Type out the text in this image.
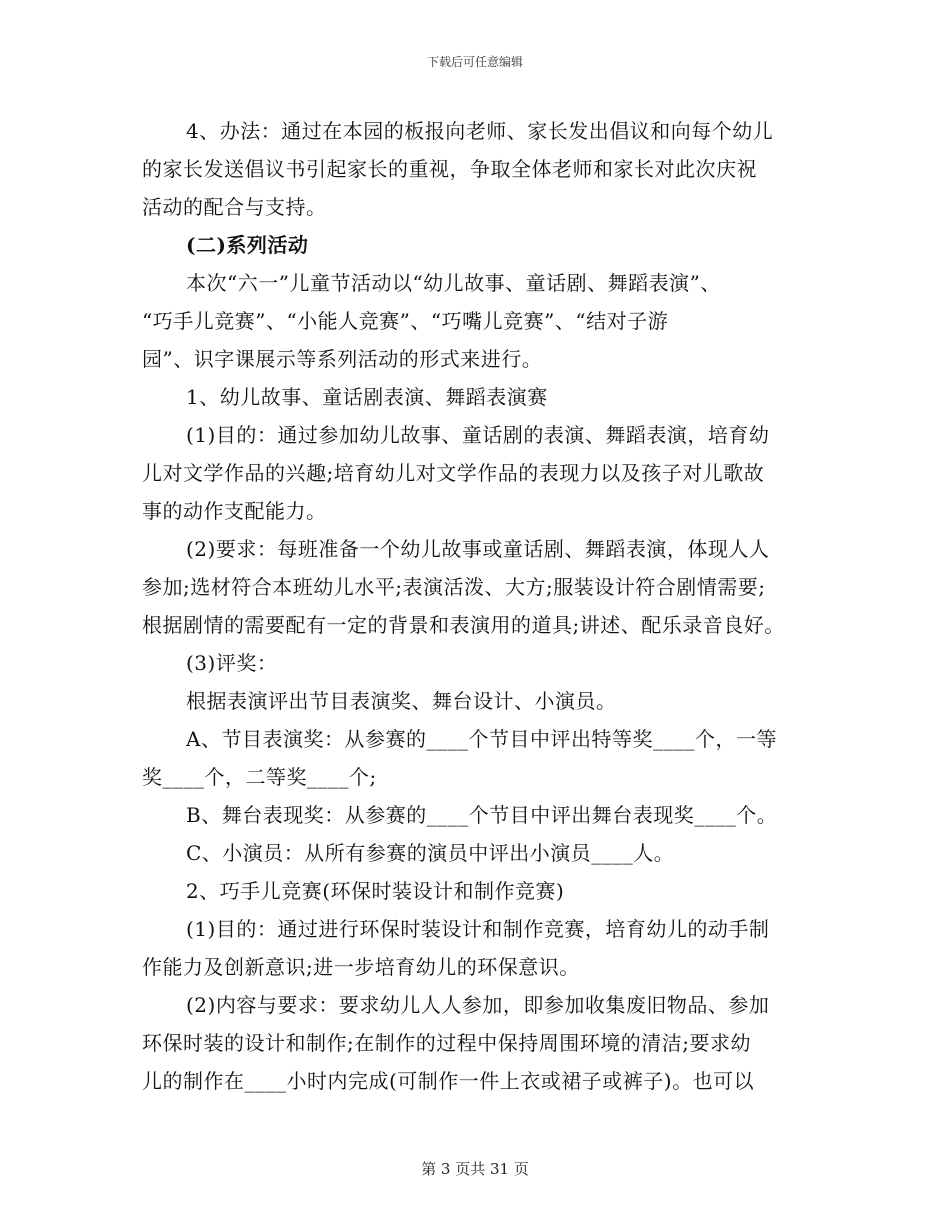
下载后可任意编辑
4、办法：通过在本园的板报向老师、家长发出倡议和向每个幼儿
的家长发送倡议书引起家长的重视，争取全体老师和家长对此次庆祝
活动的配合与支持。
(二)系列活动
本次“六一”儿童节活动以“幼儿故事、童话剧、舞蹈表演”、
“巧手儿竞赛”、“小能人竞赛”、“巧嘴儿竞赛”、“结对子游
园”、识字课展示等系列活动的形式来进行。
1、幼儿故事、童话剧表演、舞蹈表演赛
(1)目的：通过参加幼儿故事、童话剧的表演、舞蹈表演，培育幼
儿对文学作品的兴趣;培育幼儿对文学作品的表现力以及孩子对儿歌故
事的动作支配能力。
(2)要求：每班准备一个幼儿故事或童话剧、舞蹈表演，体现人人
参加;选材符合本班幼儿水平;表演活泼、大方;服装设计符合剧情需要;
根据剧情的需要配有一定的背景和表演用的道具;讲述、配乐录音良好。
(3)评奖：
根据表演评出节目表演奖、舞台设计、小演员。
A、节目表演奖：从参赛的____个节目中评出特等奖____个，一等
奖____个，二等奖____个;
B、舞台表现奖：从参赛的____个节目中评出舞台表现奖____个。
C、小演员：从所有参赛的演员中评出小演员____人。
2、巧手儿竞赛(环保时装设计和制作竞赛)
(1)目的：通过进行环保时装设计和制作竞赛，培育幼儿的动手制
作能力及创新意识;进一步培育幼儿的环保意识。
(2)内容与要求：要求幼儿人人参加，即参加收集废旧物品、参加
环保时装的设计和制作;在制作的过程中保持周围环境的清洁;要求幼
儿的制作在____小时内完成(可制作一件上衣或裙子或裤子)。也可以
第 3 页共 31 页
